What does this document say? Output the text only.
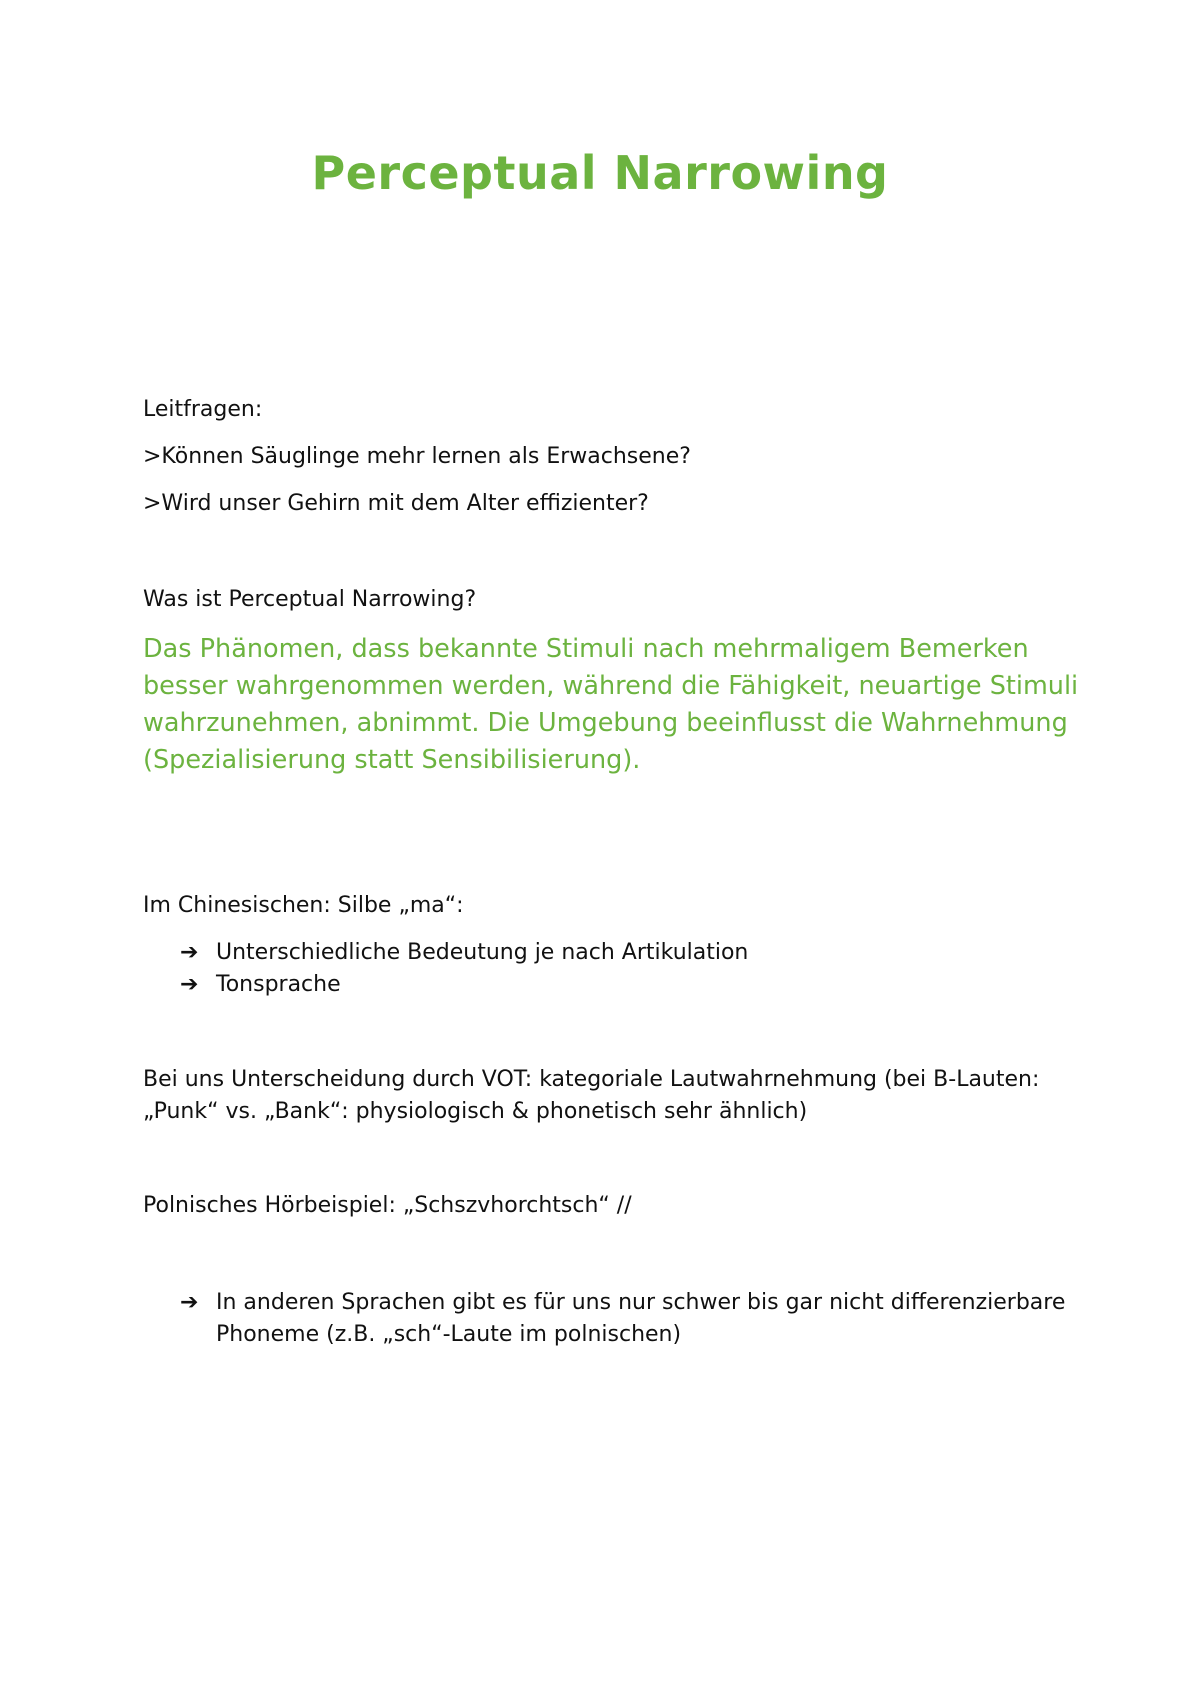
Perceptual Narrowing
Leitfragen:
>Können Säuglinge mehr lernen als Erwachsene?
>Wird unser Gehirn mit dem Alter effizienter?
Was ist Perceptual Narrowing?

Das Phänomen, dass bekannte Stimuli nach mehrmaligem Bemerken

besser wahrgenommen werden, während die Fähigkeit, neuartige Stimuli

wahrzunehmen, abnimmt. Die Umgebung beeinflusst die Wahrnehmung

(Spezialisierung statt Sensibilisierung).

Im Chinesischen: Silbe „ma“:
➔ Unterschiedliche Bedeutung je nach Artikulation
➔ Tonsprache
Bei uns Unterscheidung durch VOT: kategoriale Lautwahrnehmung (bei B-Lauten:
„Punk“ vs. „Bank“: physiologisch & phonetisch sehr ähnlich)
Polnisches Hörbeispiel: „Schszvhorchtsch“ //
➔ In anderen Sprachen gibt es für uns nur schwer bis gar nicht differenzierbare
Phoneme (z.B. „sch“-Laute im polnischen)
